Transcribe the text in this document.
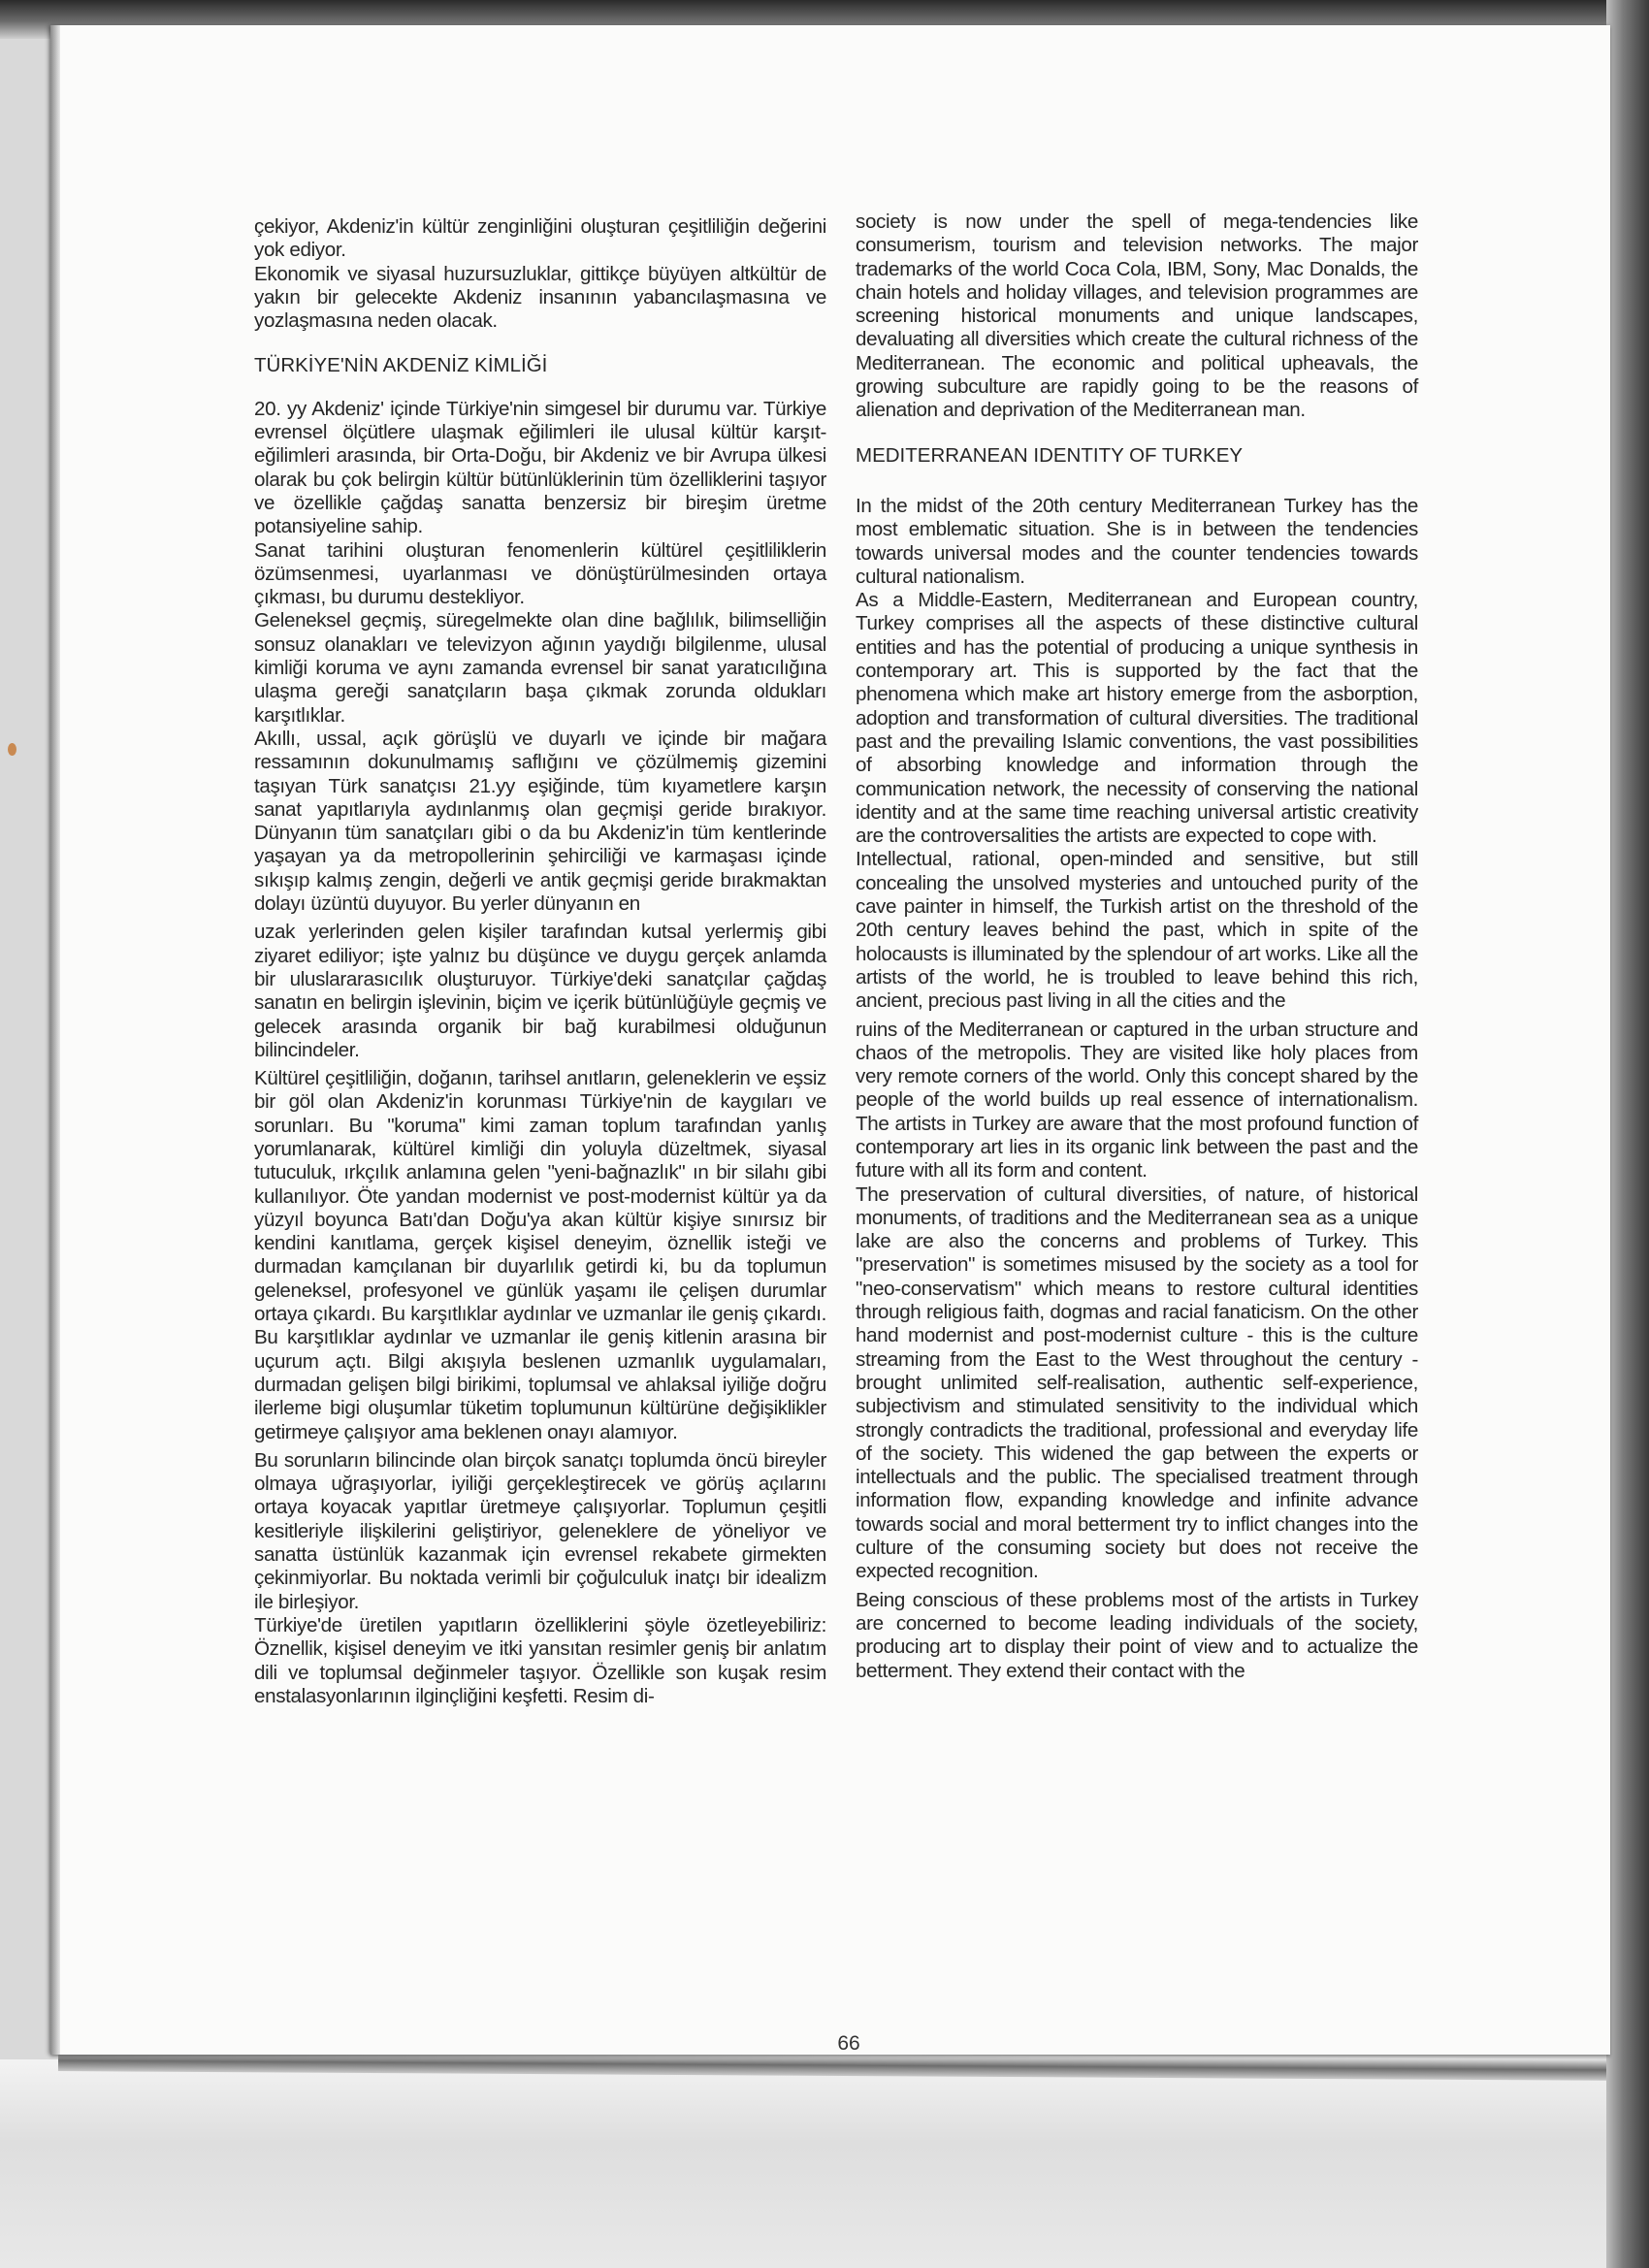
çekiyor, Akdeniz'in kültür zenginliğini oluşturan çeşitliliğin değerini yok ediyor.

Ekonomik ve siyasal huzursuzluklar, gittikçe büyüyen altkültür de yakın bir gelecekte Akdeniz insanının yabancılaşmasına ve yozlaşmasına neden olacak.

TÜRKİYE'NİN AKDENİZ KİMLİĞİ

20. yy Akdeniz' içinde Türkiye'nin simgesel bir durumu var. Türkiye evrensel ölçütlere ulaşmak eğilimleri ile ulusal kültür karşıt-eğilimleri arasında, bir Orta-Doğu, bir Akdeniz ve bir Avrupa ülkesi olarak bu çok belirgin kültür bütünlüklerinin tüm özelliklerini taşıyor ve özellikle çağdaş sanatta benzersiz bir bireşim üretme potansiyeline sahip.

Sanat tarihini oluşturan fenomenlerin kültürel çeşitliliklerin özümsenmesi, uyarlanması ve dönüştürülmesinden ortaya çıkması, bu durumu destekliyor.

Geleneksel geçmiş, süregelmekte olan dine bağlılık, bilimselliğin sonsuz olanakları ve televizyon ağının yaydığı bilgilenme, ulusal kimliği koruma ve aynı zamanda evrensel bir sanat yaratıcılığına ulaşma gereği sanatçıların başa çıkmak zorunda oldukları karşıtlıklar.

Akıllı, ussal, açık görüşlü ve duyarlı ve içinde bir mağara ressamının dokunulmamış saflığını ve çözülmemiş gizemini taşıyan Türk sanatçısı 21.yy eşiğinde, tüm kıyametlere karşın sanat yapıtlarıyla aydınlanmış olan geçmişi geride bırakıyor. Dünyanın tüm sanatçıları gibi o da bu Akdeniz'in tüm kentlerinde yaşayan ya da metropollerinin şehirciliği ve karmaşası içinde sıkışıp kalmış zengin, değerli ve antik geçmişi geride bırakmaktan dolayı üzüntü duyuyor. Bu yerler dünyanın en

uzak yerlerinden gelen kişiler tarafından kutsal yerlermiş gibi ziyaret ediliyor; işte yalnız bu düşünce ve duygu gerçek anlamda bir uluslararasıcılık oluşturuyor. Türkiye'deki sanatçılar çağdaş sanatın en belirgin işlevinin, biçim ve içerik bütünlüğüyle geçmiş ve gelecek arasında organik bir bağ kurabilmesi olduğunun bilincindeler.

Kültürel çeşitliliğin, doğanın, tarihsel anıtların, geleneklerin ve eşsiz bir göl olan Akdeniz'in korunması Türkiye'nin de kaygıları ve sorunları. Bu "koruma" kimi zaman toplum tarafından yanlış yorumlanarak, kültürel kimliği din yoluyla düzeltmek, siyasal tutuculuk, ırkçılık anlamına gelen "yeni-bağnazlık" ın bir silahı gibi kullanılıyor. Öte yandan modernist ve post-modernist kültür ya da yüzyıl boyunca Batı'dan Doğu'ya akan kültür kişiye sınırsız bir kendini kanıtlama, gerçek kişisel deneyim, öznellik isteği ve durmadan kamçılanan bir duyarlılık getirdi ki, bu da toplumun geleneksel, profesyonel ve günlük yaşamı ile çelişen durumlar ortaya çıkardı. Bu karşıtlıklar aydınlar ve uzmanlar ile geniş çıkardı. Bu karşıtlıklar aydınlar ve uzmanlar ile geniş kitlenin arasına bir uçurum açtı. Bilgi akışıyla beslenen uzmanlık uygulamaları, durmadan gelişen bilgi birikimi, toplumsal ve ahlaksal iyiliğe doğru ilerleme bigi oluşumlar tüketim toplumunun kültürüne değişiklikler getirmeye çalışıyor ama beklenen onayı alamıyor.

Bu sorunların bilincinde olan birçok sanatçı toplumda öncü bireyler olmaya uğraşıyorlar, iyiliği gerçekleştirecek ve görüş açılarını ortaya koyacak yapıtlar üretmeye çalışıyorlar. Toplumun çeşitli kesitleriyle ilişkilerini geliştiriyor, geleneklere de yöneliyor ve sanatta üstünlük kazanmak için evrensel rekabete girmekten çekinmiyorlar. Bu noktada verimli bir çoğulculuk inatçı bir idealizm ile birleşiyor.

Türkiye'de üretilen yapıtların özelliklerini şöyle özetleyebiliriz: Öznellik, kişisel deneyim ve itki yansıtan resimler geniş bir anlatım dili ve toplumsal değinmeler taşıyor. Özellikle son kuşak resim enstalasyonlarının ilginçliğini keşfetti. Resim di-

society is now under the spell of mega-tendencies like consumerism, tourism and television networks. The major trademarks of the world Coca Cola, IBM, Sony, Mac Donalds, the chain hotels and holiday villages, and television programmes are screening historical monuments and unique landscapes, devaluating all diversities which create the cultural richness of the Mediterranean. The economic and political upheavals, the growing subculture are rapidly going to be the reasons of alienation and deprivation of the Mediterranean man.

MEDITERRANEAN IDENTITY OF TURKEY

In the midst of the 20th century Mediterranean Turkey has the most emblematic situation. She is in between the tendencies towards universal modes and the counter tendencies towards cultural nationalism.

As a Middle-Eastern, Mediterranean and European country, Turkey comprises all the aspects of these distinctive cultural entities and has the potential of producing a unique synthesis in contemporary art. This is supported by the fact that the phenomena which make art history emerge from the asborption, adoption and transformation of cultural diversities. The traditional past and the prevailing Islamic conventions, the vast possibilities of absorbing knowledge and information through the communication network, the necessity of conserving the national identity and at the same time reaching universal artistic creativity are the controversalities the artists are expected to cope with.

Intellectual, rational, open-minded and sensitive, but still concealing the unsolved mysteries and untouched purity of the cave painter in himself, the Turkish artist on the threshold of the 20th century leaves behind the past, which in spite of the holocausts is illuminated by the splendour of art works. Like all the artists of the world, he is troubled to leave behind this rich, ancient, precious past living in all the cities and the

ruins of the Mediterranean or captured in the urban structure and chaos of the metropolis. They are visited like holy places from very remote corners of the world. Only this concept shared by the people of the world builds up real essence of internationalism. The artists in Turkey are aware that the most profound function of contemporary art lies in its organic link between the past and the future with all its form and content.

The preservation of cultural diversities, of nature, of historical monuments, of traditions and the Mediterranean sea as a unique lake are also the concerns and problems of Turkey. This "preservation" is sometimes misused by the society as a tool for "neo-conservatism" which means to restore cultural identities through religious faith, dogmas and racial fanaticism. On the other hand modernist and post-modernist culture - this is the culture streaming from the East to the West throughout the century - brought unlimited self-realisation, authentic self-experience, subjectivism and stimulated sensitivity to the individual which strongly contradicts the traditional, professional and everyday life of the society. This widened the gap between the experts or intellectuals and the public. The specialised treatment through information flow, expanding knowledge and infinite advance towards social and moral betterment try to inflict changes into the culture of the consuming society but does not receive the expected recognition.

Being conscious of these problems most of the artists in Turkey are concerned to become leading individuals of the society, producing art to display their point of view and to actualize the betterment. They extend their contact with the

66
